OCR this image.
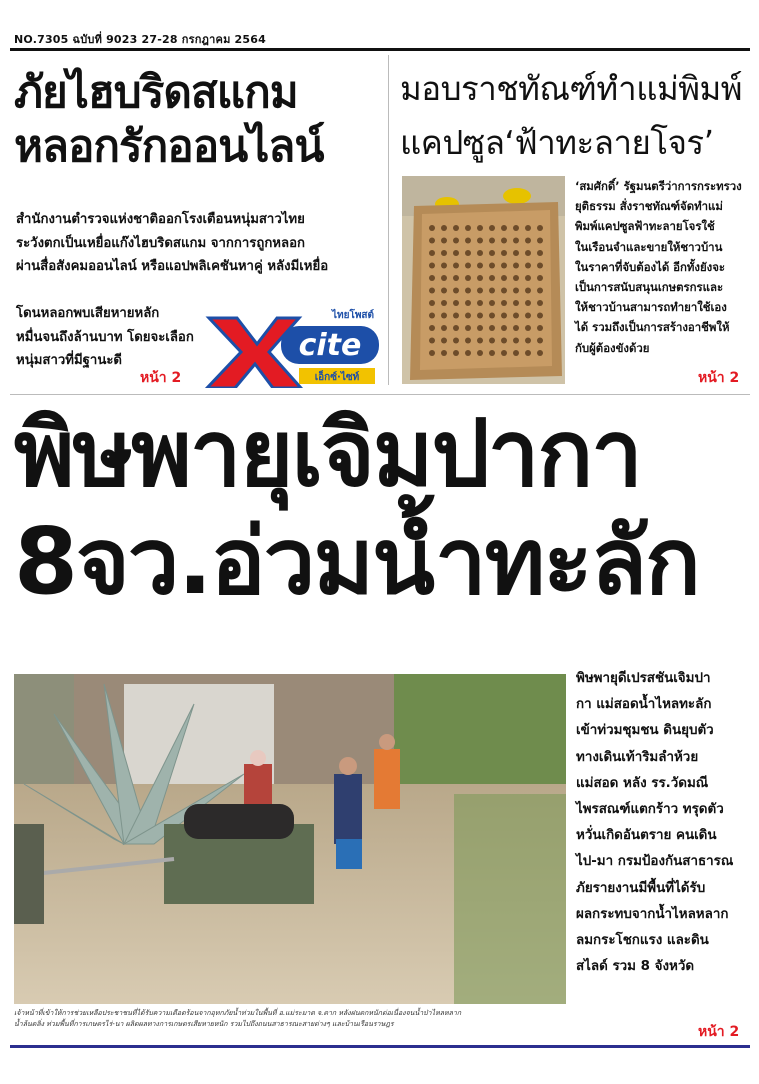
NO.7305 ฉบับที่ 9023 27-28 กรกฎาคม 2564
ภัยไฮบริดสแกม
หลอกรักออนไลน์
สำนักงานตำรวจแห่งชาติออกโรงเตือนหนุ่มสาวไทย
ระวังตกเป็นเหยื่อแก๊งไฮบริดสแกม จากการถูกหลอก
ผ่านสื่อสังคมออนไลน์ หรือแอปพลิเคชันหาคู่ หลังมีเหยื่อ
โดนหลอกพบเสียหายหลัก
หมื่นจนถึงล้านบาท โดยจะเลือก
หนุ่มสาวที่มีฐานะดี
หน้า 2
cite
ไทยโพสต์
เอ็กซ์·ไซท์
มอบราชทัณฑ์ทำแม่พิมพ์
แคปซูล‘ฟ้าทะลายโจร’
‘สมศักดิ์’ รัฐมนตรีว่าการกระทรวง
ยุติธรรม สั่งราชทัณฑ์จัดทำแม่
พิมพ์แคปซูลฟ้าทะลายโจรใช้
ในเรือนจำและขายให้ชาวบ้าน
ในราคาที่จับต้องได้ อีกทั้งยังจะ
เป็นการสนับสนุนเกษตรกรและ
ให้ชาวบ้านสามารถทำยาใช้เอง
ได้ รวมถึงเป็นการสร้างอาชีพให้
กับผู้ต้องขังด้วย
หน้า 2
พิษพายุเจิมปากา
8จว.อ่วมน้ำทะลัก
เจ้าหน้าที่เข้าให้การช่วยเหลือประชาชนที่ได้รับความเดือดร้อนจากอุทกภัยน้ำท่วมในพื้นที่ อ.แม่ระมาด จ.ตาก หลังฝนตกหนักต่อเนื่องจนน้ำป่าไหลหลาก
น้ำล้นตลิ่ง ท่วมพื้นที่การเกษตรไร่-นา ผลิตผลทางการเกษตรเสียหายหนัก รวมไปถึงถนนสาธารณะสายต่างๆ และบ้านเรือนราษฎร
พิษพายุดีเปรสชันเจิมปา
กา แม่สอดน้ำไหลทะลัก
เข้าท่วมชุมชน ดินยุบตัว
ทางเดินเท้าริมลำห้วย
แม่สอด หลัง รร.วัดมณี
ไพรสณฑ์แตกร้าว ทรุดตัว
หวั่นเกิดอันตราย คนเดิน
ไป-มา กรมป้องกันสาธารณ
ภัยรายงานมีพื้นที่ได้รับ
ผลกระทบจากน้ำไหลหลาก
ลมกระโชกแรง และดิน
สไลด์ รวม 8 จังหวัด
หน้า 2
